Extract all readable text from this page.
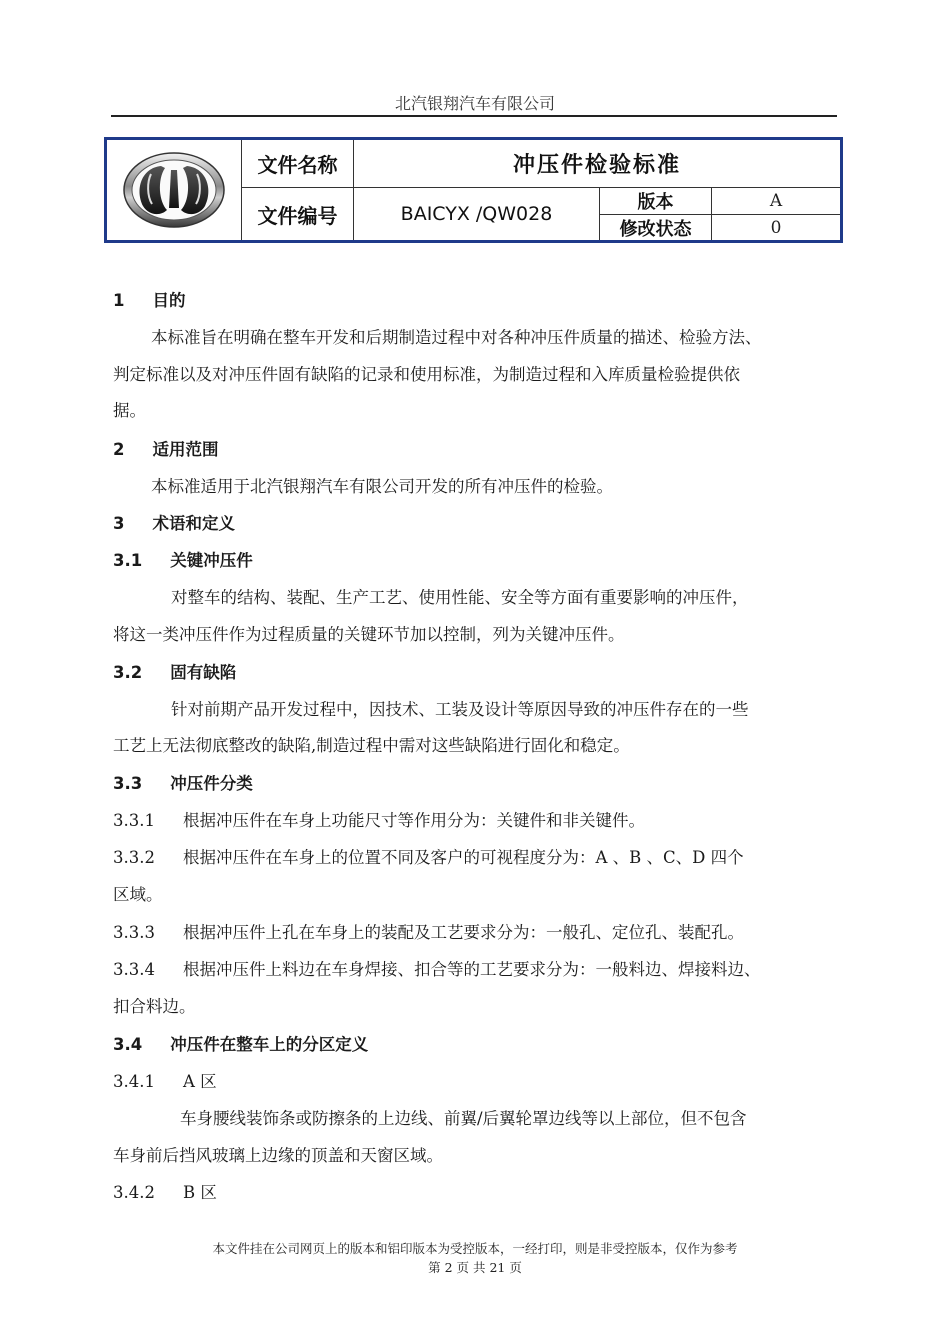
北汽银翔汽车有限公司
文件名称	冲压件检验标准
文件编号	BAICYX /QW028
版本	A
修改状态	0
1 目的
本标准旨在明确在整车开发和后期制造过程中对各种冲压件质量的描述、检验方法、
判定标准以及对冲压件固有缺陷的记录和使用标准，为制造过程和入库质量检验提供依
据。
2 适用范围
本标准适用于北汽银翔汽车有限公司开发的所有冲压件的检验。
3 术语和定义
3.1 关键冲压件
对整车的结构、装配、生产工艺、使用性能、安全等方面有重要影响的冲压件，
将这一类冲压件作为过程质量的关键环节加以控制，列为关键冲压件。
3.2 固有缺陷
针对前期产品开发过程中，因技术、工装及设计等原因导致的冲压件存在的一些
工艺上无法彻底整改的缺陷,制造过程中需对这些缺陷进行固化和稳定。
3.3 冲压件分类
3.3.1 根据冲压件在车身上功能尺寸等作用分为：关键件和非关键件。
3.3.2 根据冲压件在车身上的位置不同及客户的可视程度分为：A 、B 、C、D 四个
区域。
3.3.3 根据冲压件上孔在车身上的装配及工艺要求分为：一般孔、定位孔、装配孔。
3.3.4 根据冲压件上料边在车身焊接、扣合等的工艺要求分为：一般料边、焊接料边、
扣合料边。
3.4 冲压件在整车上的分区定义
3.4.1 A 区
车身腰线装饰条或防擦条的上边线、前翼/后翼轮罩边线等以上部位，但不包含
车身前后挡风玻璃上边缘的顶盖和天窗区域。
3.4.2 B 区
本文件挂在公司网页上的版本和铝印版本为受控版本，一经打印，则是非受控版本，仅作为参考
第 2 页 共 21 页
